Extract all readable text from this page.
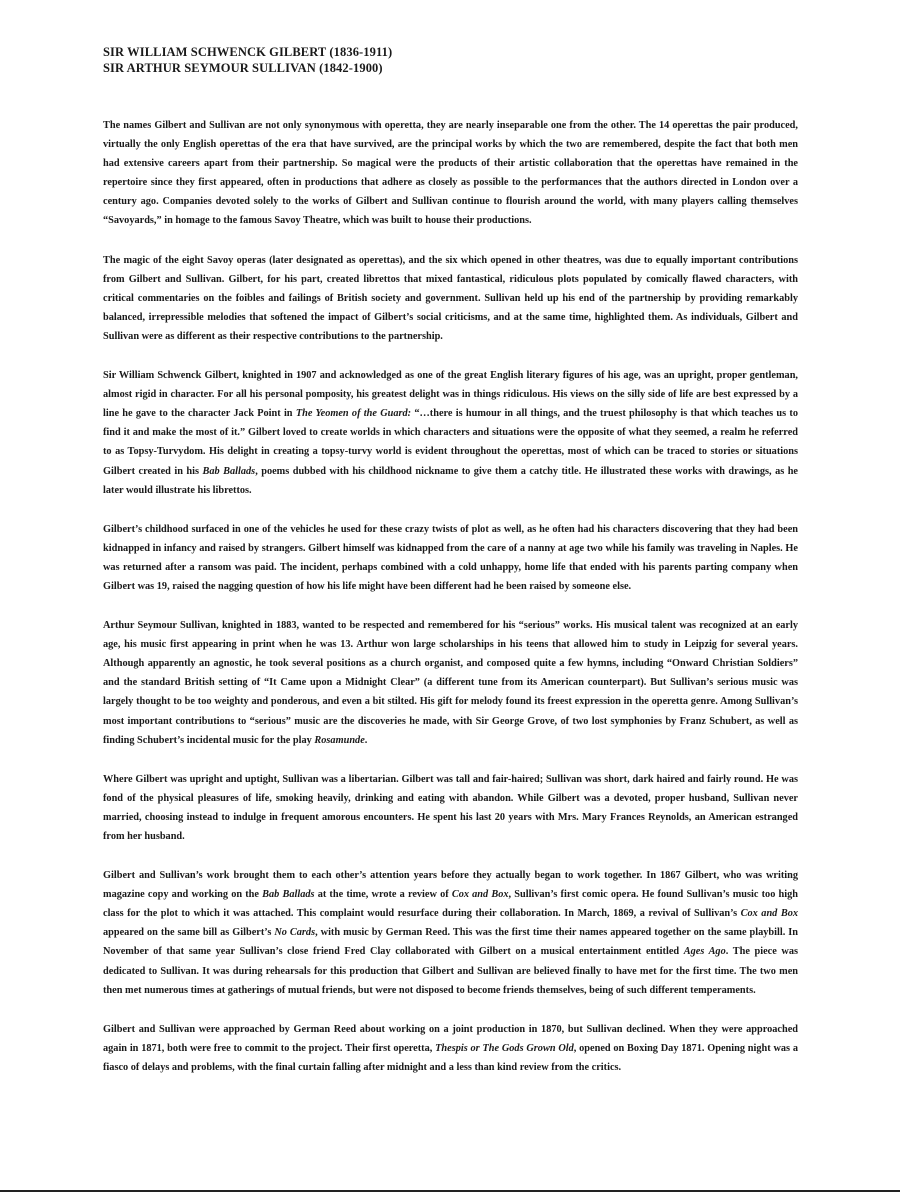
SIR WILLIAM SCHWENCK GILBERT (1836-1911)
SIR ARTHUR SEYMOUR SULLIVAN (1842-1900)

The names Gilbert and Sullivan are not only synonymous with operetta, they are nearly inseparable one from the other. The 14 operettas the pair produced, virtually the only English operettas of the era that have survived, are the principal works by which the two are remembered, despite the fact that both men had extensive careers apart from their partnership. So magical were the products of their artistic collaboration that the operettas have remained in the repertoire since they first appeared, often in productions that adhere as closely as possible to the performances that the authors directed in London over a century ago. Companies devoted solely to the works of Gilbert and Sullivan continue to flourish around the world, with many players calling themselves “Savoyards,” in homage to the famous Savoy Theatre, which was built to house their productions.

The magic of the eight Savoy operas (later designated as operettas), and the six which opened in other theatres, was due to equally important contributions from Gilbert and Sullivan. Gilbert, for his part, created librettos that mixed fantastical, ridiculous plots populated by comically flawed characters, with critical commentaries on the foibles and failings of British society and government. Sullivan held up his end of the partnership by providing remarkably balanced, irrepressible melodies that softened the impact of Gilbert’s social criticisms, and at the same time, highlighted them. As individuals, Gilbert and Sullivan were as different as their respective contributions to the partnership.

Sir William Schwenck Gilbert, knighted in 1907 and acknowledged as one of the great English literary figures of his age, was an upright, proper gentleman, almost rigid in character. For all his personal pomposity, his greatest delight was in things ridiculous. His views on the silly side of life are best expressed by a line he gave to the character Jack Point in The Yeomen of the Guard: “…there is humour in all things, and the truest philosophy is that which teaches us to find it and make the most of it.” Gilbert loved to create worlds in which characters and situations were the opposite of what they seemed, a realm he referred to as Topsy-Turvydom. His delight in creating a topsy-turvy world is evident throughout the operettas, most of which can be traced to stories or situations Gilbert created in his Bab Ballads, poems dubbed with his childhood nickname to give them a catchy title. He illustrated these works with drawings, as he later would illustrate his librettos.

Gilbert’s childhood surfaced in one of the vehicles he used for these crazy twists of plot as well, as he often had his characters discovering that they had been kidnapped in infancy and raised by strangers. Gilbert himself was kidnapped from the care of a nanny at age two while his family was traveling in Naples. He was returned after a ransom was paid. The incident, perhaps combined with a cold unhappy, home life that ended with his parents parting company when Gilbert was 19, raised the nagging question of how his life might have been different had he been raised by someone else.

Arthur Seymour Sullivan, knighted in 1883, wanted to be respected and remembered for his “serious” works. His musical talent was recognized at an early age, his music first appearing in print when he was 13. Arthur won large scholarships in his teens that allowed him to study in Leipzig for several years. Although apparently an agnostic, he took several positions as a church organist, and composed quite a few hymns, including “Onward Christian Soldiers” and the standard British setting of “It Came upon a Midnight Clear” (a different tune from its American counterpart). But Sullivan’s serious music was largely thought to be too weighty and ponderous, and even a bit stilted. His gift for melody found its freest expression in the operetta genre. Among Sullivan’s most important contributions to “serious” music are the discoveries he made, with Sir George Grove, of two lost symphonies by Franz Schubert, as well as finding Schubert’s incidental music for the play Rosamunde.

Where Gilbert was upright and uptight, Sullivan was a libertarian. Gilbert was tall and fair-haired; Sullivan was short, dark haired and fairly round. He was fond of the physical pleasures of life, smoking heavily, drinking and eating with abandon. While Gilbert was a devoted, proper husband, Sullivan never married, choosing instead to indulge in frequent amorous encounters. He spent his last 20 years with Mrs. Mary Frances Reynolds, an American estranged from her husband.

Gilbert and Sullivan’s work brought them to each other’s attention years before they actually began to work together. In 1867 Gilbert, who was writing magazine copy and working on the Bab Ballads at the time, wrote a review of Cox and Box, Sullivan’s first comic opera. He found Sullivan’s music too high class for the plot to which it was attached. This complaint would resurface during their collaboration. In March, 1869, a revival of Sullivan’s Cox and Box appeared on the same bill as Gilbert’s No Cards, with music by German Reed. This was the first time their names appeared together on the same playbill. In November of that same year Sullivan’s close friend Fred Clay collaborated with Gilbert on a musical entertainment entitled Ages Ago. The piece was dedicated to Sullivan. It was during rehearsals for this production that Gilbert and Sullivan are believed finally to have met for the first time. The two men then met numerous times at gatherings of mutual friends, but were not disposed to become friends themselves, being of such different temperaments.

Gilbert and Sullivan were approached by German Reed about working on a joint production in 1870, but Sullivan declined. When they were approached again in 1871, both were free to commit to the project. Their first operetta, Thespis or The Gods Grown Old, opened on Boxing Day 1871. Opening night was a fiasco of delays and problems, with the final curtain falling after midnight and a less than kind review from the critics.
